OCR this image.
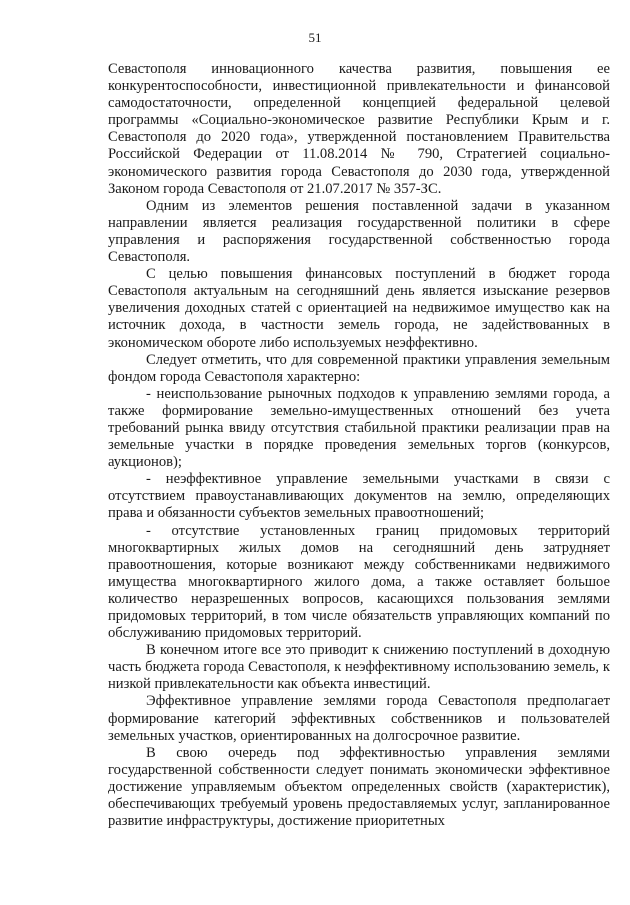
51

Севастополя инновационного качества развития, повышения ее конкурентоспособности, инвестиционной привлекательности и финансовой самодостаточности, определенной концепцией федеральной целевой программы «Социально-экономическое развитие Республики Крым и г. Севастополя до 2020 года», утвержденной постановлением Правительства Российской Федерации от 11.08.2014 № 790, Стратегией социально-экономического развития города Севастополя до 2030 года, утвержденной Законом города Севастополя от 21.07.2017 № 357-ЗС.

Одним из элементов решения поставленной задачи в указанном направлении является реализация государственной политики в сфере управления и распоряжения государственной собственностью города Севастополя.

С целью повышения финансовых поступлений в бюджет города Севастополя актуальным на сегодняшний день является изыскание резервов увеличения доходных статей с ориентацией на недвижимое имущество как на источник дохода, в частности земель города, не задействованных в экономическом обороте либо используемых неэффективно.

Следует отметить, что для современной практики управления земельным фондом города Севастополя характерно:

- неиспользование рыночных подходов к управлению землями города, а также формирование земельно-имущественных отношений без учета требований рынка ввиду отсутствия стабильной практики реализации прав на земельные участки в порядке проведения земельных торгов (конкурсов, аукционов);

- неэффективное управление земельными участками в связи с отсутствием правоустанавливающих документов на землю, определяющих права и обязанности субъектов земельных правоотношений;

- отсутствие установленных границ придомовых территорий многоквартирных жилых домов на сегодняшний день затрудняет правоотношения, которые возникают между собственниками недвижимого имущества многоквартирного жилого дома, а также оставляет большое количество неразрешенных вопросов, касающихся пользования землями придомовых территорий, в том числе обязательств управляющих компаний по обслуживанию придомовых территорий.

В конечном итоге все это приводит к снижению поступлений в доходную часть бюджета города Севастополя, к неэффективному использованию земель, к низкой привлекательности как объекта инвестиций.

Эффективное управление землями города Севастополя предполагает формирование категорий эффективных собственников и пользователей земельных участков, ориентированных на долгосрочное развитие.

В свою очередь под эффективностью управления землями государственной собственности следует понимать экономически эффективное достижение управляемым объектом определенных свойств (характеристик), обеспечивающих требуемый уровень предоставляемых услуг, запланированное развитие инфраструктуры, достижение приоритетных
